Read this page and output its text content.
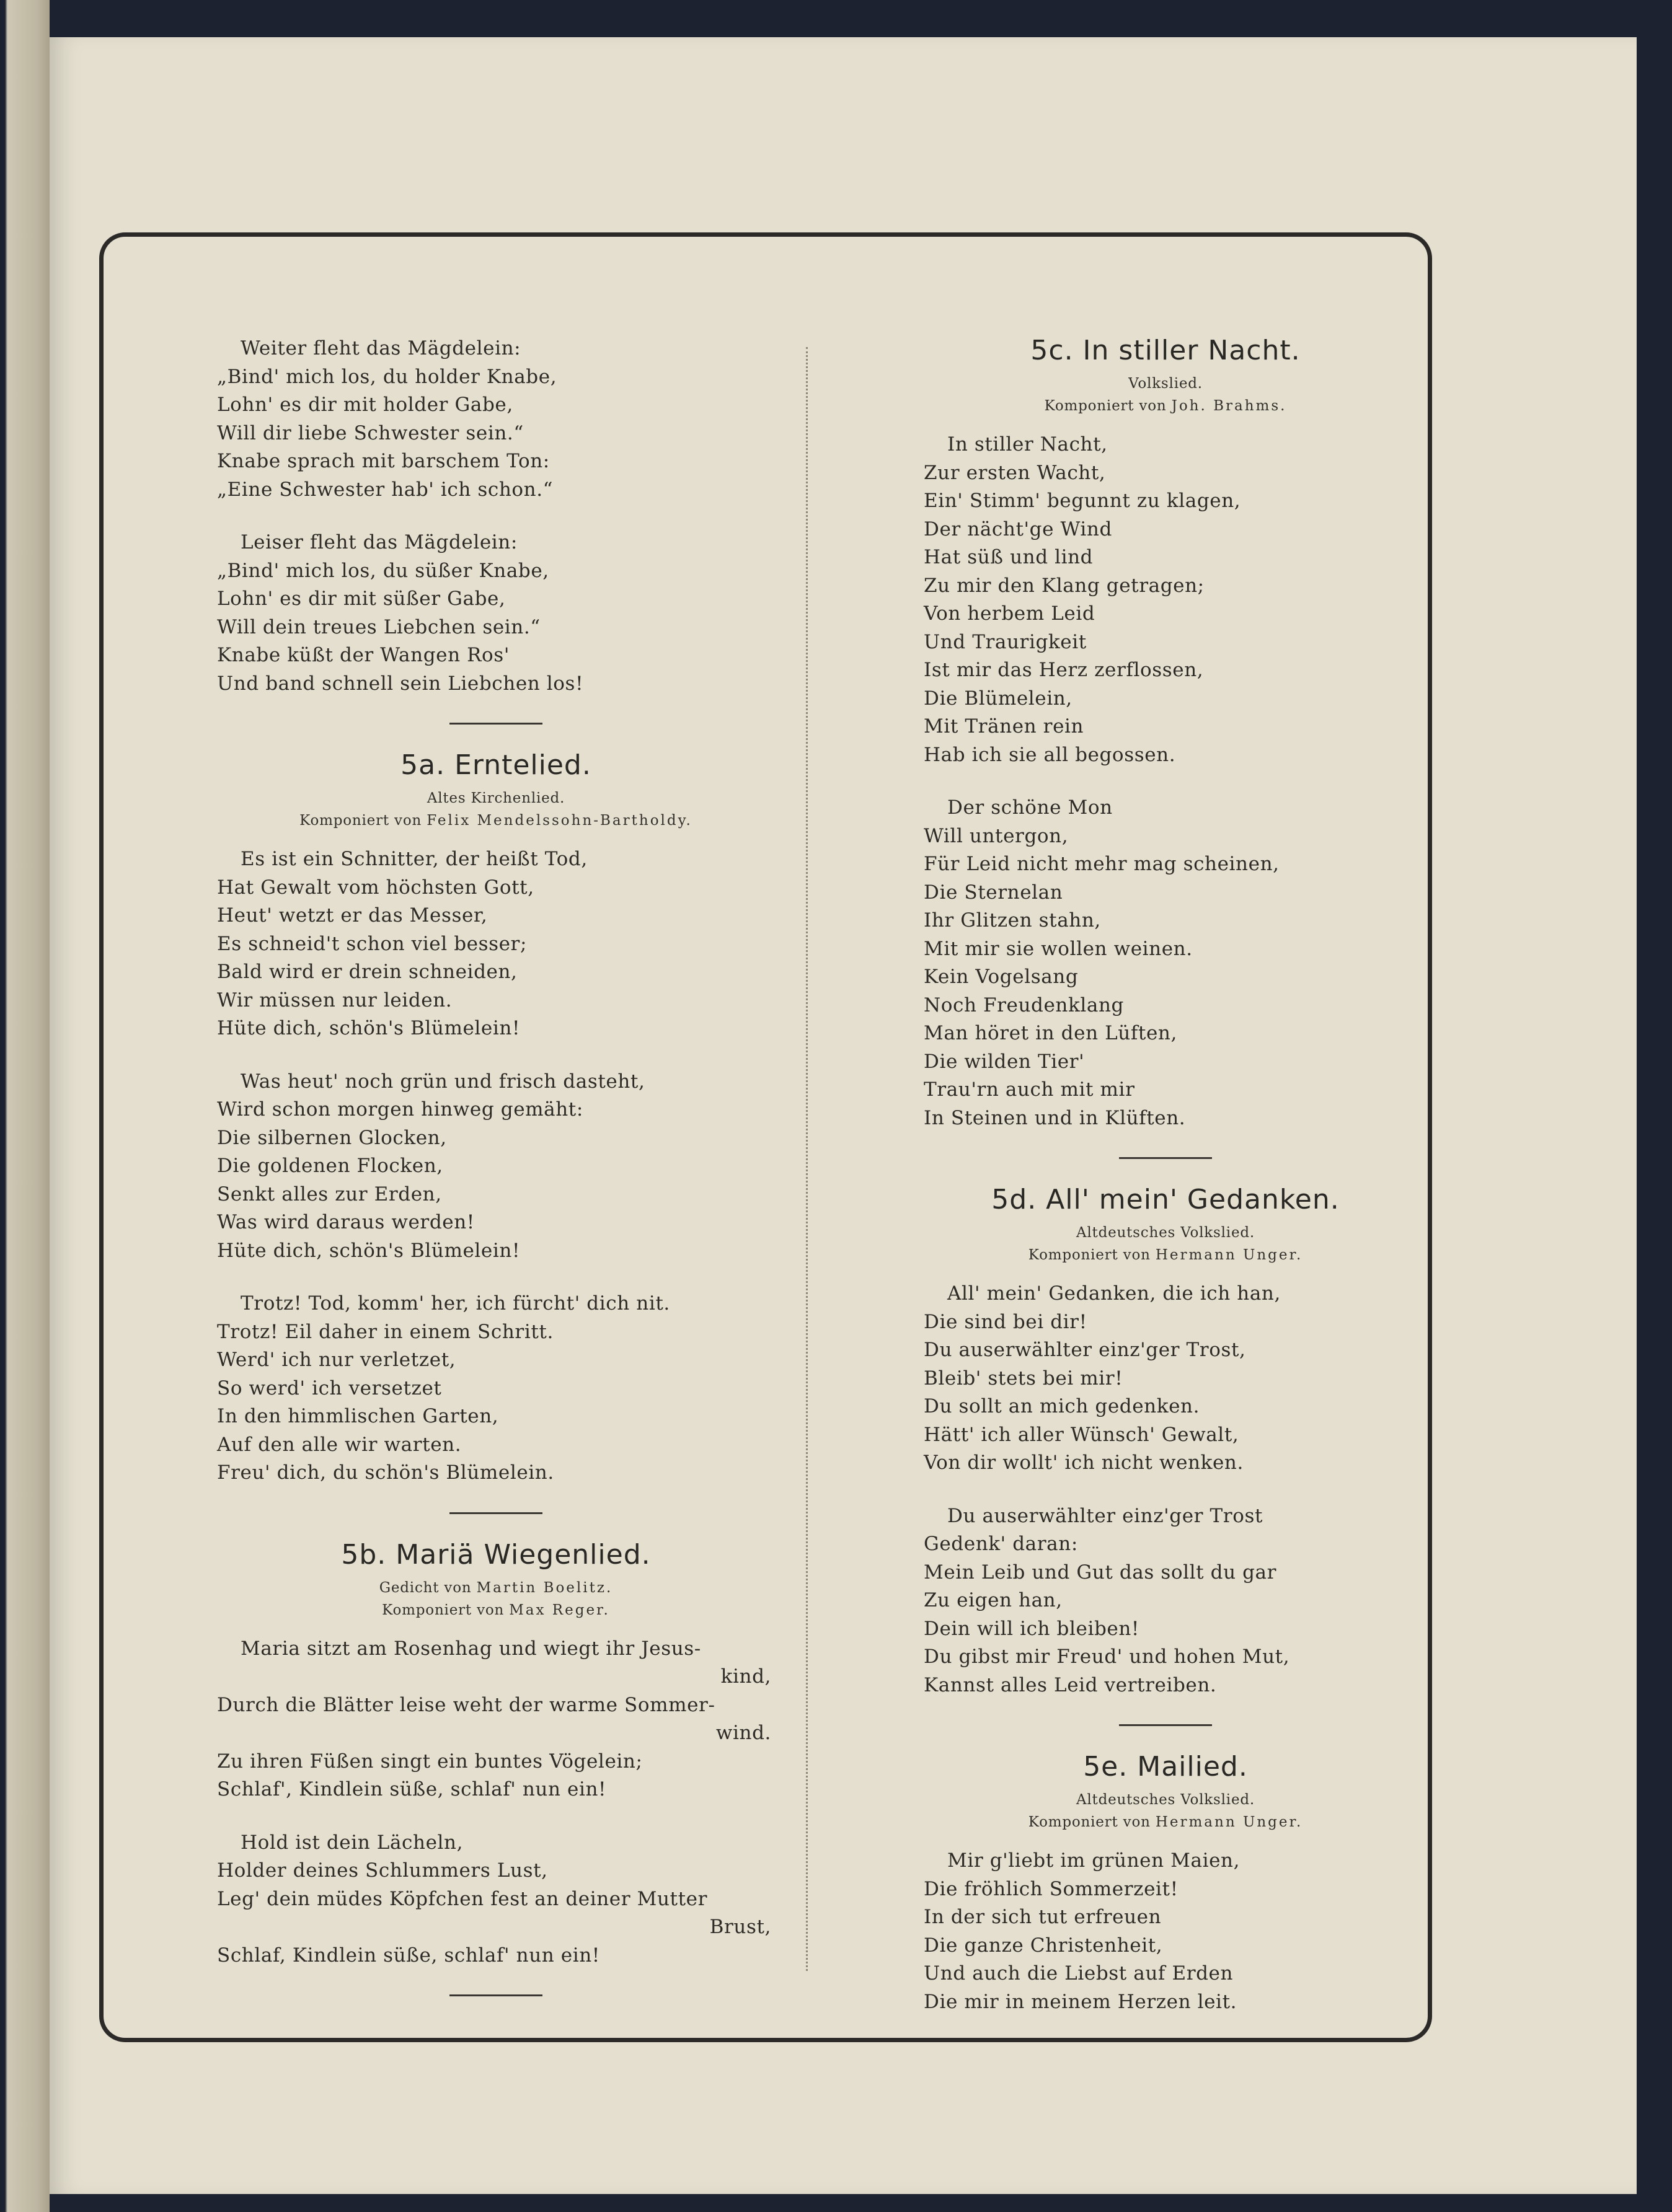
Weiter fleht das Mägdelein:
„Bind' mich los, du holder Knabe,
Lohn' es dir mit holder Gabe,
Will dir liebe Schwester sein.“
Knabe sprach mit barschem Ton:
„Eine Schwester hab' ich schon.“
Leiser fleht das Mägdelein:
„Bind' mich los, du süßer Knabe,
Lohn' es dir mit süßer Gabe,
Will dein treues Liebchen sein.“
Knabe küßt der Wangen Ros'
Und band schnell sein Liebchen los!
5a. Erntelied.
Altes Kirchenlied.
Komponiert von Felix Mendelssohn-Bartholdy.
Es ist ein Schnitter, der heißt Tod,
Hat Gewalt vom höchsten Gott,
Heut' wetzt er das Messer,
Es schneid't schon viel besser;
Bald wird er drein schneiden,
Wir müssen nur leiden.
Hüte dich, schön's Blümelein!
Was heut' noch grün und frisch dasteht,
Wird schon morgen hinweg gemäht:
Die silbernen Glocken,
Die goldenen Flocken,
Senkt alles zur Erden,
Was wird daraus werden!
Hüte dich, schön's Blümelein!
Trotz! Tod, komm' her, ich fürcht' dich nit.
Trotz! Eil daher in einem Schritt.
Werd' ich nur verletzet,
So werd' ich versetzet
In den himmlischen Garten,
Auf den alle wir warten.
Freu' dich, du schön's Blümelein.
5b. Mariä Wiegenlied.
Gedicht von Martin Boelitz.
Komponiert von Max Reger.
Maria sitzt am Rosenhag und wiegt ihr Jesus-
kind,
Durch die Blätter leise weht der warme Sommer-
wind.
Zu ihren Füßen singt ein buntes Vögelein;
Schlaf', Kindlein süße, schlaf' nun ein!
Hold ist dein Lächeln,
Holder deines Schlummers Lust,
Leg' dein müdes Köpfchen fest an deiner Mutter
Brust,
Schlaf, Kindlein süße, schlaf' nun ein!
5c. In stiller Nacht.
Volkslied.
Komponiert von Joh. Brahms.
In stiller Nacht,
Zur ersten Wacht,
Ein' Stimm' begunnt zu klagen,
Der nächt'ge Wind
Hat süß und lind
Zu mir den Klang getragen;
Von herbem Leid
Und Traurigkeit
Ist mir das Herz zerflossen,
Die Blümelein,
Mit Tränen rein
Hab ich sie all begossen.
Der schöne Mon
Will untergon,
Für Leid nicht mehr mag scheinen,
Die Sternelan
Ihr Glitzen stahn,
Mit mir sie wollen weinen.
Kein Vogelsang
Noch Freudenklang
Man höret in den Lüften,
Die wilden Tier'
Trau'rn auch mit mir
In Steinen und in Klüften.
5d. All' mein' Gedanken.
Altdeutsches Volkslied.
Komponiert von Hermann Unger.
All' mein' Gedanken, die ich han,
Die sind bei dir!
Du auserwählter einz'ger Trost,
Bleib' stets bei mir!
Du sollt an mich gedenken.
Hätt' ich aller Wünsch' Gewalt,
Von dir wollt' ich nicht wenken.
Du auserwählter einz'ger Trost
Gedenk' daran:
Mein Leib und Gut das sollt du gar
Zu eigen han,
Dein will ich bleiben!
Du gibst mir Freud' und hohen Mut,
Kannst alles Leid vertreiben.
5e. Mailied.
Altdeutsches Volkslied.
Komponiert von Hermann Unger.
Mir g'liebt im grünen Maien,
Die fröhlich Sommerzeit!
In der sich tut erfreuen
Die ganze Christenheit,
Und auch die Liebst auf Erden
Die mir in meinem Herzen leit.
